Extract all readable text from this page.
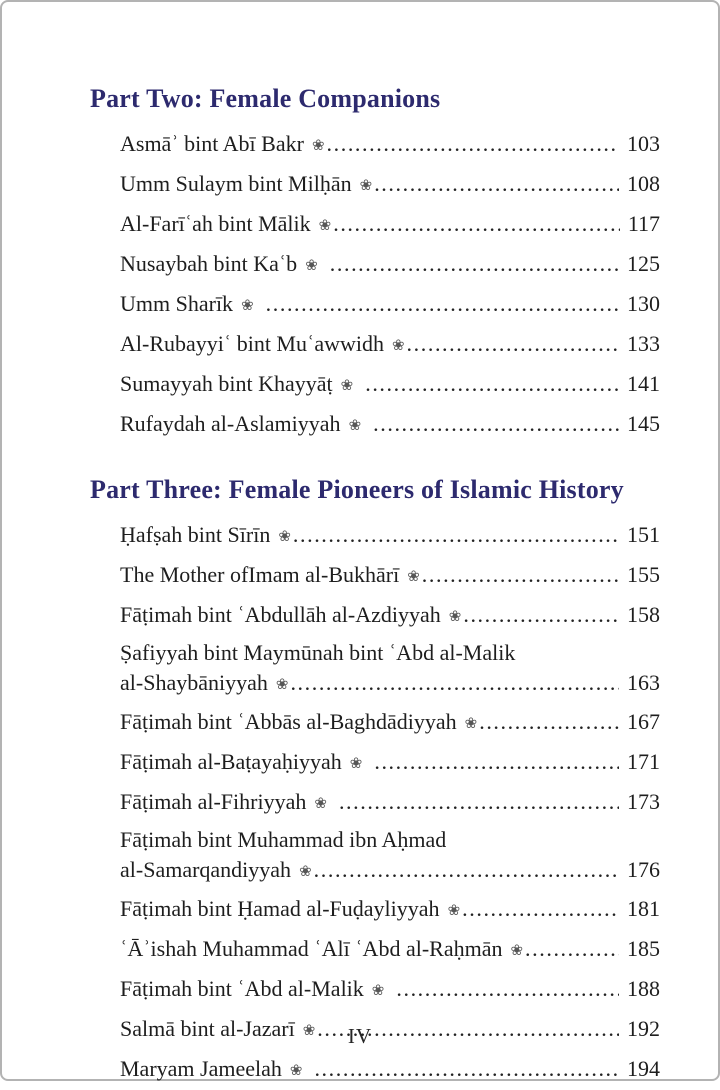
Part Two: Female Companions
Asmāʾ bint Abī Bakr ❀ .....	103
Umm Sulaym bint Milḥān ❀ .....	108
Al-Farīʿah bint Mālik ❀ .....	117
Nusaybah bint Kaʿb ❀ .....	125
Umm Sharīk ❀ .....	130
Al-Rubayyiʿ bint Muʿawwidh ❀ .....	133
Sumayyah bint Khayyāṭ ❀ .....	141
Rufaydah al-Aslamiyyah ❀ .....	145
Part Three: Female Pioneers of Islamic History
Ḥafṣah bint Sīrīn ❀ .....	151
The Mother ofImam al-Bukhārī ❀ .....	155
Fāṭimah bint ʿAbdullāh al-Azdiyyah ❀ .....	158
Ṣafiyyah bint Maymūnah bint ʿAbd al-Malik
al-Shaybāniyyah ❀ .....	163
Fāṭimah bint ʿAbbās al-Baghdādiyyah ❀ .....	167
Fāṭimah al-Baṭayaḥiyyah ❀ .....	171
Fāṭimah al-Fihriyyah ❀ .....	173
Fāṭimah bint Muhammad ibn Aḥmad
al-Samarqandiyyah ❀ .....	176
Fāṭimah bint Ḥamad al-Fuḍayliyyah ❀ .....	181
ʿĀʾishah Muhammad ʿAlī ʿAbd al-Raḥmān ❀ .....	185
Fāṭimah bint ʿAbd al-Malik ❀ .....	188
Salmā bint al-Jazarī ❀ .....	192
Maryam Jameelah ❀ .....	194
IV
